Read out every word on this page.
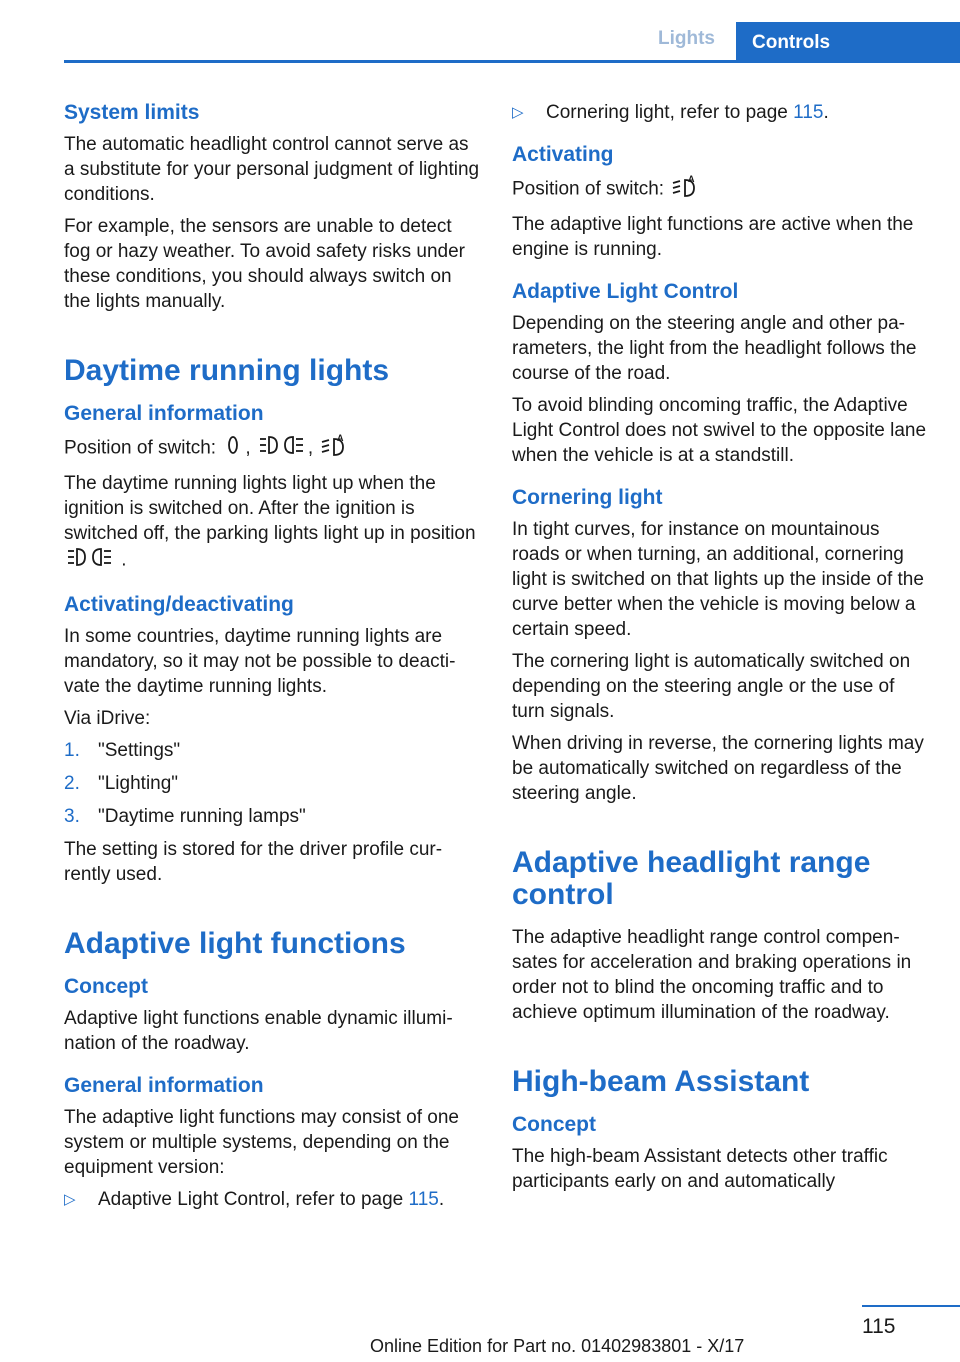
Lights	Controls
System limits

The automatic headlight control cannot serve as a substitute for your personal judgment of lighting conditions.

For example, the sensors are unable to detect fog or hazy weather. To avoid safety risks under these conditions, you should always switch on the lights manually.

Daytime running lights
General information

Position of switch: ,	,	A

The daytime running lights light up when the ignition is switched on. After the ignition is switched off, the parking lights light up in position  .

Activating/deactivating

In some countries, daytime running lights are mandatory, so it may not be possible to deactivate the daytime running lights.

Via iDrive:

1. "Settings"
2. "Lighting"
3. "Daytime running lamps"

The setting is stored for the driver profile currently used.

Adaptive light functions
Concept

Adaptive light functions enable dynamic illumination of the roadway.

General information

The adaptive light functions may consist of one system or multiple systems, depending on the equipment version:

▷	Adaptive Light Control, refer to page 115.
▷	Cornering light, refer to page 115.
Activating

Position of switch:	A

The adaptive light functions are active when the engine is running.

Adaptive Light Control

Depending on the steering angle and other parameters, the light from the headlight follows the course of the road.

To avoid blinding oncoming traffic, the Adaptive Light Control does not swivel to the opposite lane when the vehicle is at a standstill.

Cornering light

In tight curves, for instance on mountainous roads or when turning, an additional, cornering light is switched on that lights up the inside of the curve better when the vehicle is moving below a certain speed.

The cornering light is automatically switched on depending on the steering angle or the use of turn signals.

When driving in reverse, the cornering lights may be automatically switched on regardless of the steering angle.

Adaptive headlight range control

The adaptive headlight range control compensates for acceleration and braking operations in order not to blind the oncoming traffic and to achieve optimum illumination of the roadway.

High-beam Assistant
Concept

The high-beam Assistant detects other traffic participants early on and automatically

115
Online Edition for Part no. 01402983801 - X/17
